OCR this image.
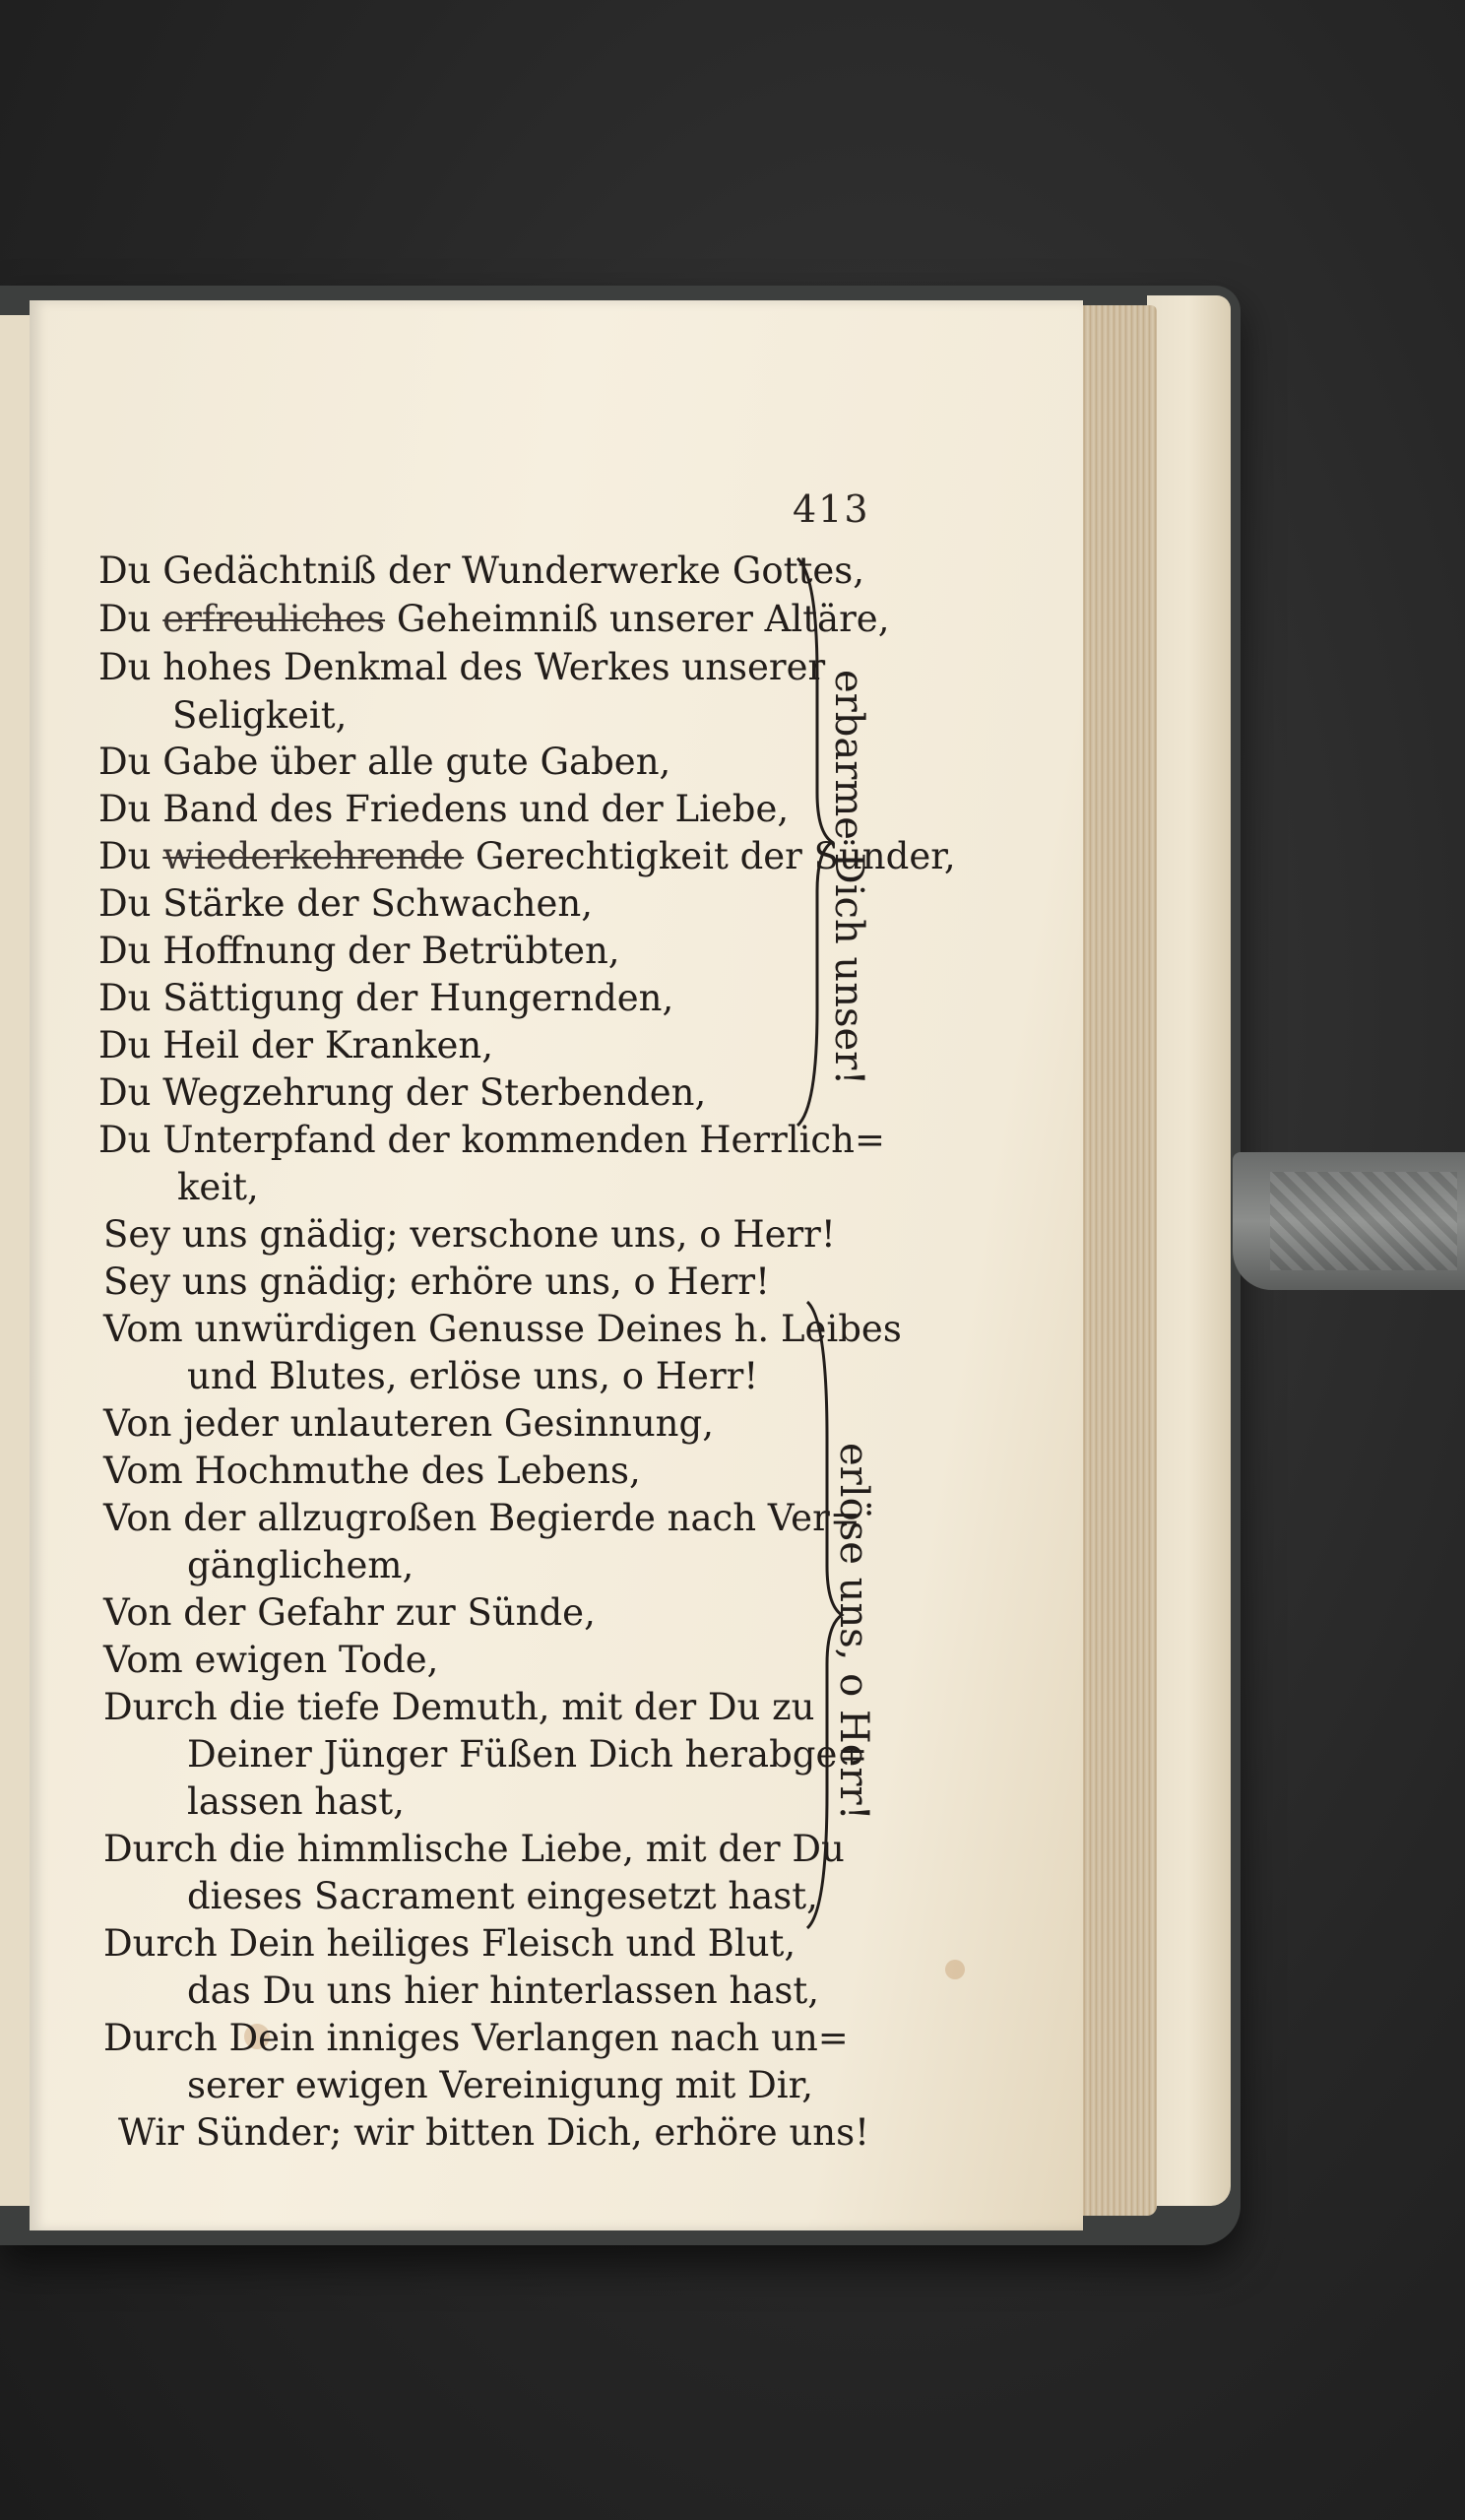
413
Du Gedächtniß der Wunderwerke Gottes,
Du erfreuliches Geheimniß unserer Altäre,
Du hohes Denkmal des Werkes unserer
Seligkeit,
Du Gabe über alle gute Gaben,
Du Band des Friedens und der Liebe,
Du wiederkehrende Gerechtigkeit der Sünder,
Du Stärke der Schwachen,
Du Hoffnung der Betrübten,
Du Sättigung der Hungernden,
Du Heil der Kranken,
Du Wegzehrung der Sterbenden,
Du Unterpfand der kommenden Herrlich=
keit,
Sey uns gnädig; verschone uns, o Herr!
Sey uns gnädig; erhöre uns, o Herr!
Vom unwürdigen Genusse Deines h. Leibes
und Blutes, erlöse uns, o Herr!
Von jeder unlauteren Gesinnung,
Vom Hochmuthe des Lebens,
Von der allzugroßen Begierde nach Ver=
gänglichem,
Von der Gefahr zur Sünde,
Vom ewigen Tode,
Durch die tiefe Demuth, mit der Du zu
Deiner Jünger Füßen Dich herabge=
lassen hast,
Durch die himmlische Liebe, mit der Du
dieses Sacrament eingesetzt hast,
Durch Dein heiliges Fleisch und Blut,
das Du uns hier hinterlassen hast,
Durch Dein inniges Verlangen nach un=
serer ewigen Vereinigung mit Dir,
Wir Sünder; wir bitten Dich, erhöre uns!
erbarme Dich unser!
erlöse uns, o Herr!
